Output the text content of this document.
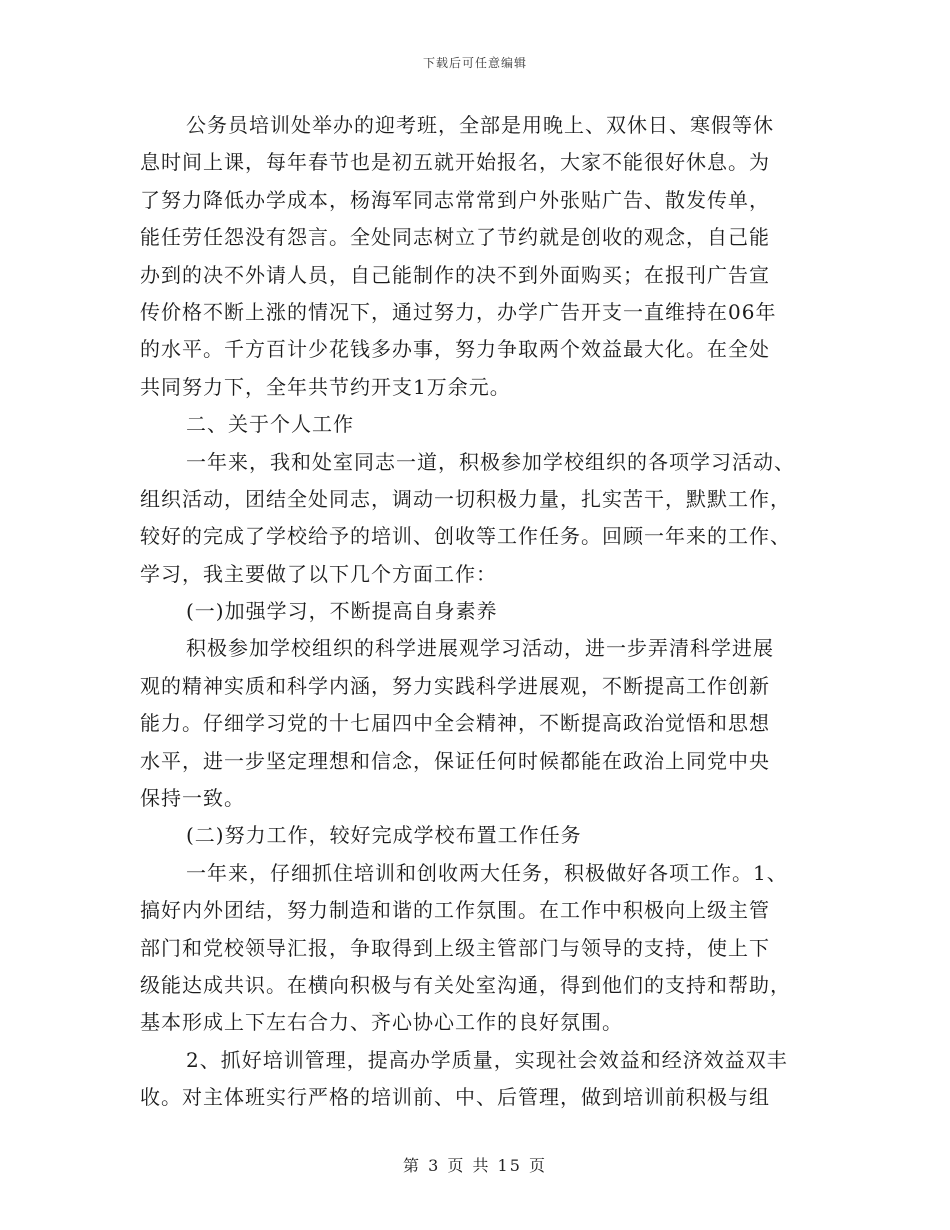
下载后可任意编辑
公务员培训处举办的迎考班，全部是用晚上、双休日、寒假等休
息时间上课，每年春节也是初五就开始报名，大家不能很好休息。为
了努力降低办学成本，杨海军同志常常到户外张贴广告、散发传单，
能任劳任怨没有怨言。全处同志树立了节约就是创收的观念，自己能
办到的决不外请人员，自己能制作的决不到外面购买；在报刊广告宣
传价格不断上涨的情况下，通过努力，办学广告开支一直维持在06年
的水平。千方百计少花钱多办事，努力争取两个效益最大化。在全处
共同努力下，全年共节约开支1万余元。
二、关于个人工作
一年来，我和处室同志一道，积极参加学校组织的各项学习活动、
组织活动，团结全处同志，调动一切积极力量，扎实苦干，默默工作，
较好的完成了学校给予的培训、创收等工作任务。回顾一年来的工作、
学习，我主要做了以下几个方面工作：
(一)加强学习，不断提高自身素养
积极参加学校组织的科学进展观学习活动，进一步弄清科学进展
观的精神实质和科学内涵，努力实践科学进展观，不断提高工作创新
能力。仔细学习党的十七届四中全会精神，不断提高政治觉悟和思想
水平，进一步坚定理想和信念，保证任何时候都能在政治上同党中央
保持一致。
(二)努力工作，较好完成学校布置工作任务
一年来，仔细抓住培训和创收两大任务，积极做好各项工作。1、
搞好内外团结，努力制造和谐的工作氛围。在工作中积极向上级主管
部门和党校领导汇报，争取得到上级主管部门与领导的支持，使上下
级能达成共识。在横向积极与有关处室沟通，得到他们的支持和帮助，
基本形成上下左右合力、齐心协心工作的良好氛围。
2、抓好培训管理，提高办学质量，实现社会效益和经济效益双丰
收。对主体班实行严格的培训前、中、后管理，做到培训前积极与组
第 3 页 共 15 页
